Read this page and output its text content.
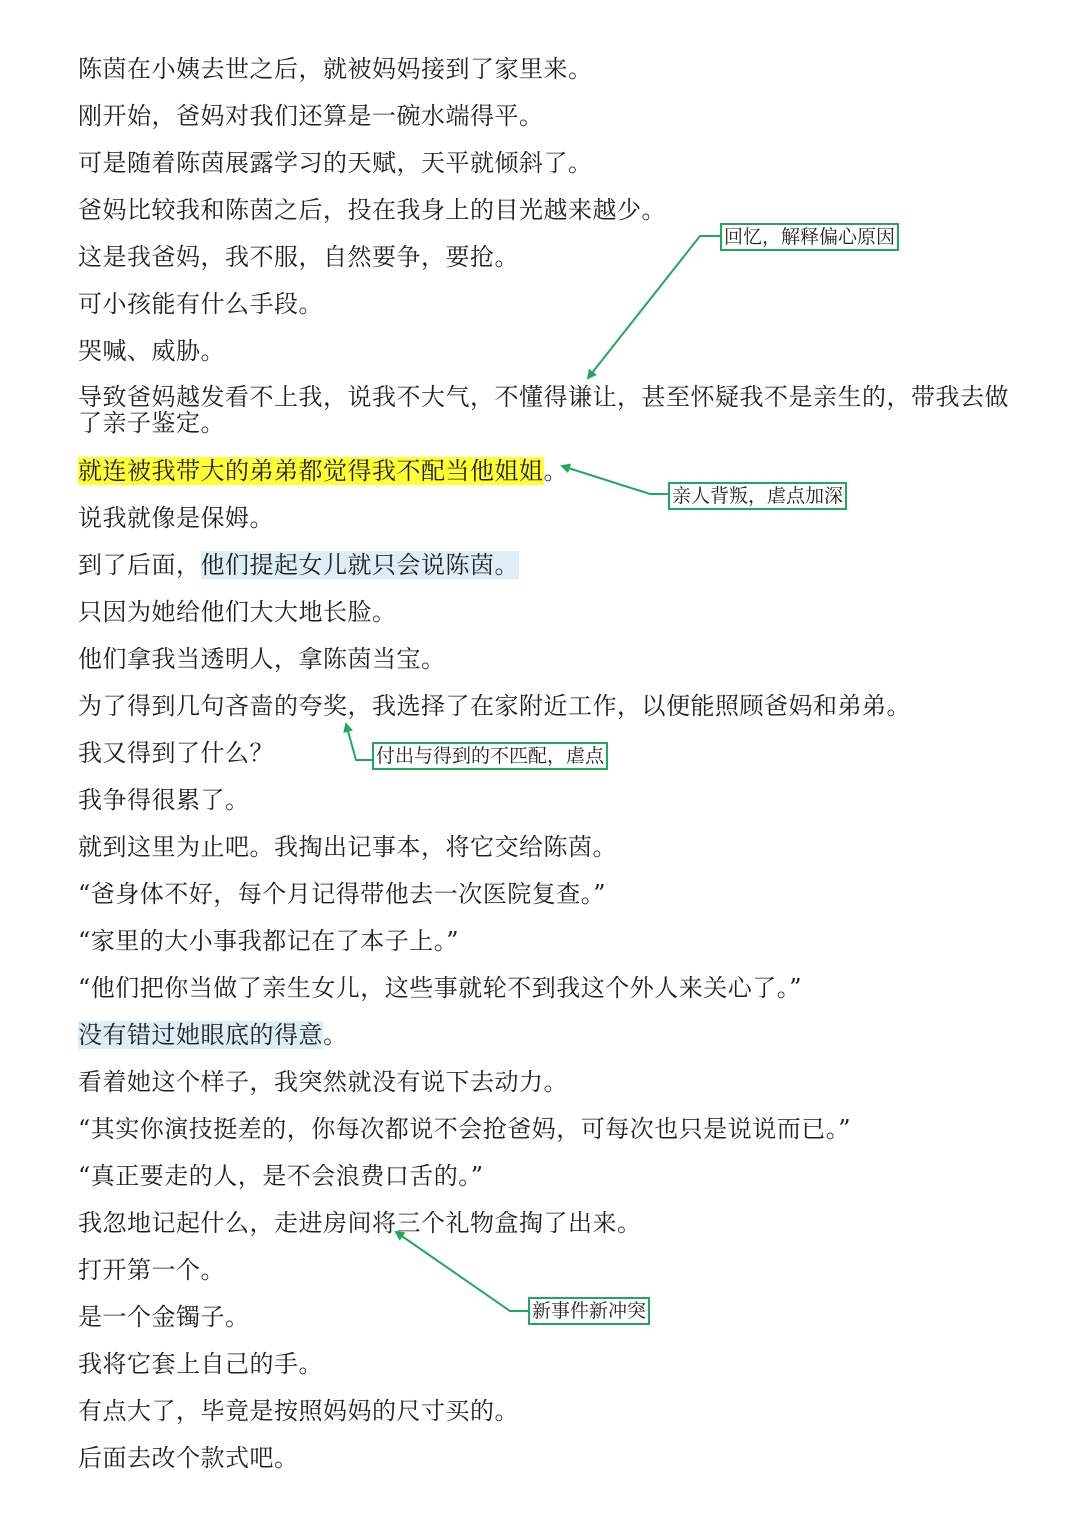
陈茵在小姨去世之后，就被妈妈接到了家里来。
刚开始，爸妈对我们还算是一碗水端得平。
可是随着陈茵展露学习的天赋，天平就倾斜了。
爸妈比较我和陈茵之后，投在我身上的目光越来越少。
这是我爸妈，我不服，自然要争，要抢。
可小孩能有什么手段。
哭喊、威胁。
导致爸妈越发看不上我，说我不大气，不懂得谦让，甚至怀疑我不是亲生的，带我去做了亲子鉴定。
就连被我带大的弟弟都觉得我不配当他姐姐。
说我就像是保姆。
到了后面，他们提起女儿就只会说陈茵。
只因为她给他们大大地长脸。
他们拿我当透明人，拿陈茵当宝。
为了得到几句吝啬的夸奖，我选择了在家附近工作，以便能照顾爸妈和弟弟。
我又得到了什么？
我争得很累了。
就到这里为止吧。我掏出记事本，将它交给陈茵。
“爸身体不好，每个月记得带他去一次医院复查。”
“家里的大小事我都记在了本子上。”
“他们把你当做了亲生女儿，这些事就轮不到我这个外人来关心了。”
没有错过她眼底的得意。
看着她这个样子，我突然就没有说下去动力。
“其实你演技挺差的，你每次都说不会抢爸妈，可每次也只是说说而已。”
“真正要走的人，是不会浪费口舌的。”
我忽地记起什么，走进房间将三个礼物盒掏了出来。
打开第一个。
是一个金镯子。
我将它套上自己的手。
有点大了，毕竟是按照妈妈的尺寸买的。
后面去改个款式吧。
回忆，解释偏心原因
亲人背叛，虐点加深
付出与得到的不匹配，虐点
新事件新冲突
